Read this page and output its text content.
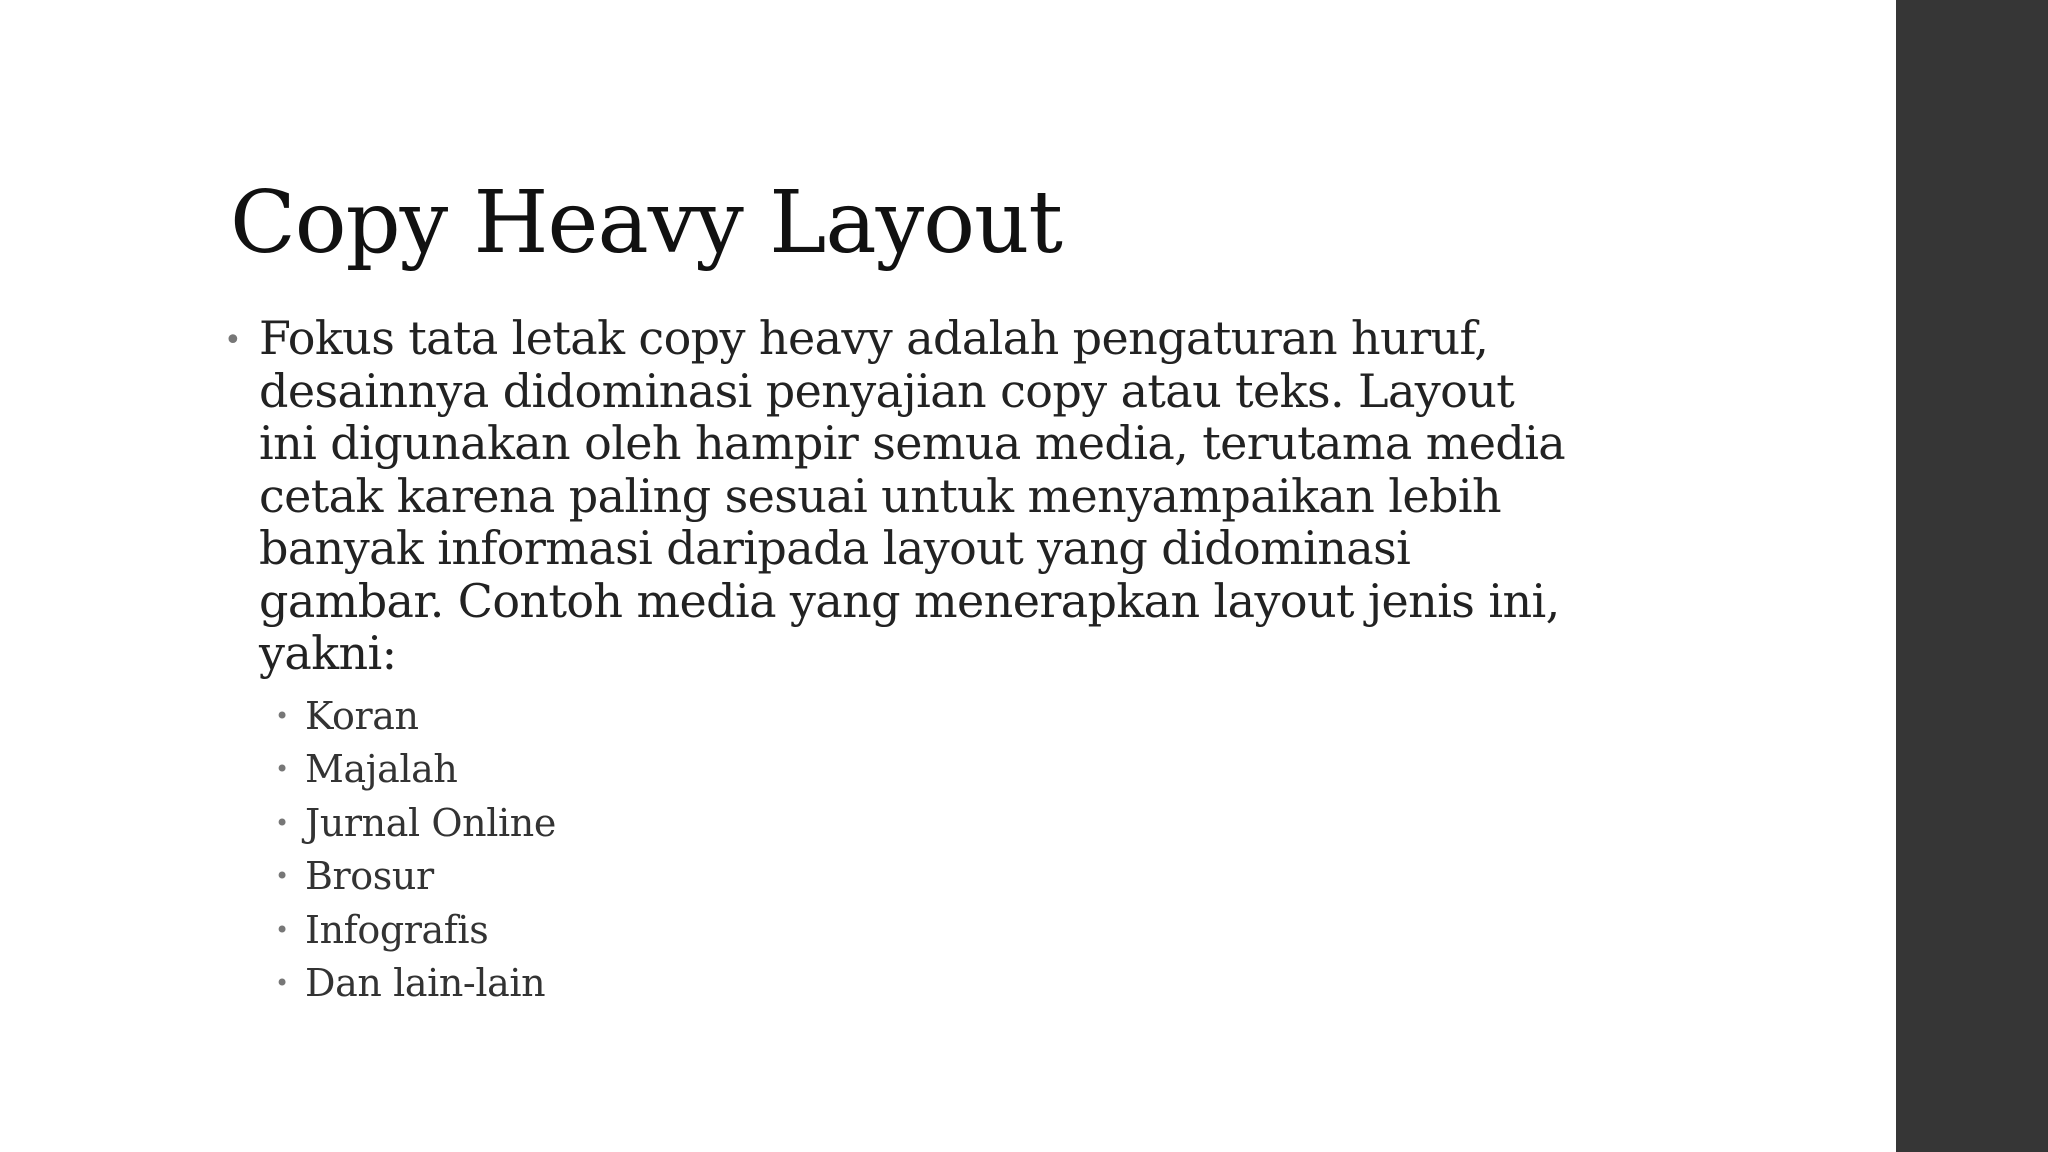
Copy Heavy Layout
• Fokus tata letak copy heavy adalah pengaturan huruf,
desainnya didominasi penyajian copy atau teks. Layout
ini digunakan oleh hampir semua media, terutama media
cetak karena paling sesuai untuk menyampaikan lebih
banyak informasi daripada layout yang didominasi
gambar. Contoh media yang menerapkan layout jenis ini,
yakni:
• Koran
• Majalah
• Jurnal Online
• Brosur
• Infografis
• Dan lain-lain
